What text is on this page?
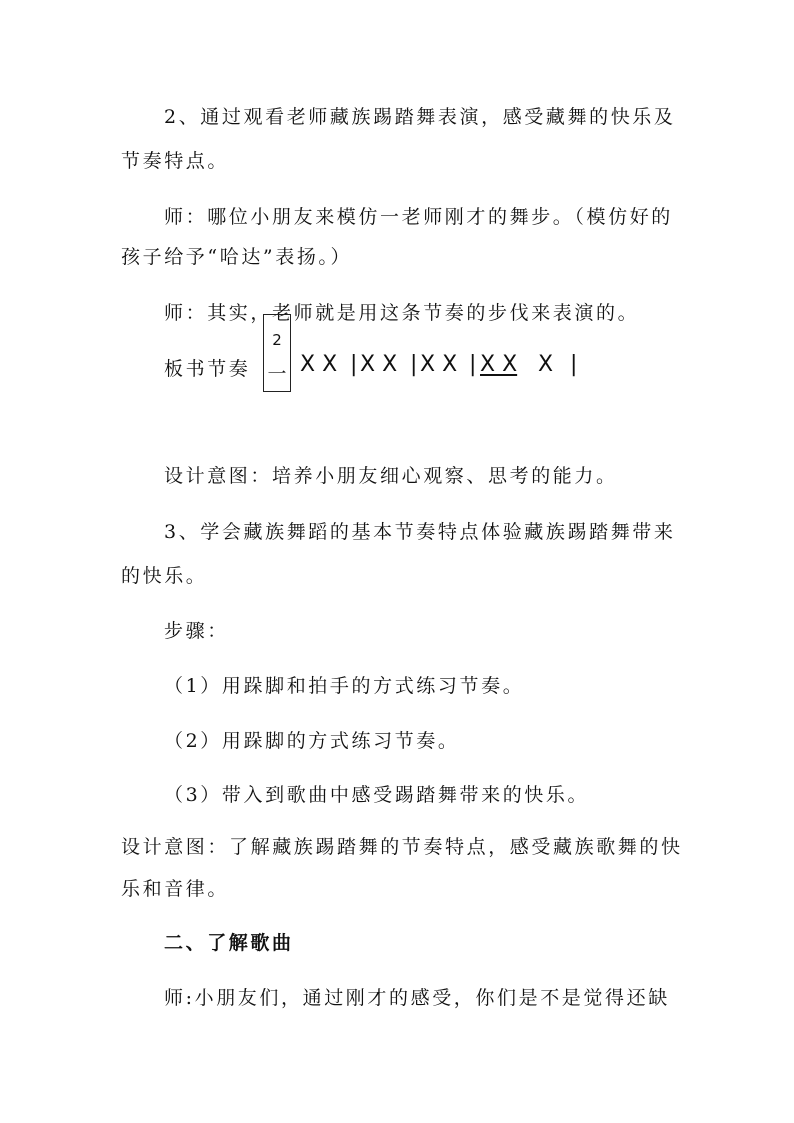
2、通过观看老师藏族踢踏舞表演，感受藏舞的快乐及
节奏特点。
师：哪位小朋友来模仿一老师刚才的舞步。（模仿好的
孩子给予“哈达”表扬。）
师：其实，老师就是用这条节奏的步伐来表演的。
板书节奏
2
一 X X | X X | X X | X X X |
设计意图：培养小朋友细心观察、思考的能力。
3、学会藏族舞蹈的基本节奏特点体验藏族踢踏舞带来
的快乐。
步骤：
（1）用跺脚和拍手的方式练习节奏。
（2）用跺脚的方式练习节奏。
（3）带入到歌曲中感受踢踏舞带来的快乐。
设计意图：了解藏族踢踏舞的节奏特点，感受藏族歌舞的快
乐和音律。
二、了解歌曲
师:小朋友们，通过刚才的感受，你们是不是觉得还缺
